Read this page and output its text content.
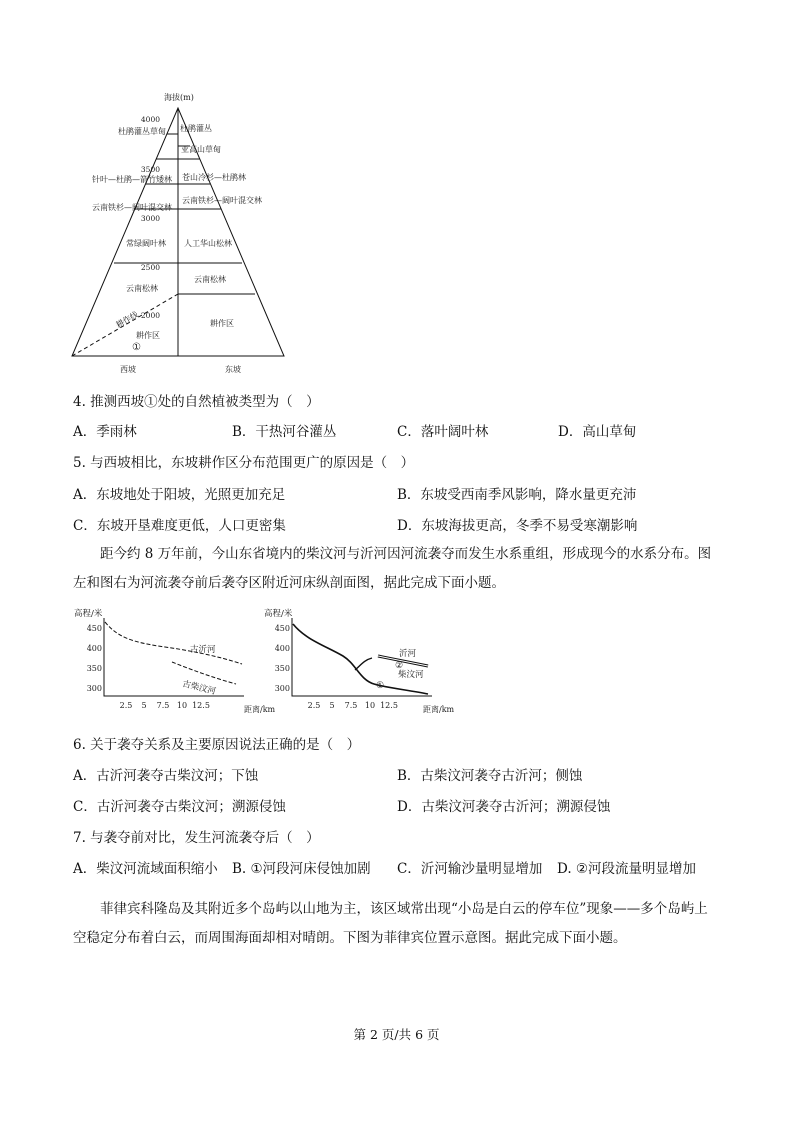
海拔(m)
4000
3500
3000
2500
2000
杜鹃灌丛草甸
针叶—杜鹃—箭竹矮林
云南铁杉—阔叶混交林
常绿阔叶林
云南松林
耕作区
耕作线
①
杜鹃灌丛
亚高山草甸
苍山冷杉—杜鹃林
云南铁杉—阔叶混交林
人工华山松林
云南松林
耕作区
西坡	东坡
4. 推测西坡①处的自然植被类型为（　）
A．季雨林	B．干热河谷灌丛	C．落叶阔叶林	D．高山草甸
5. 与西坡相比，东坡耕作区分布范围更广的原因是（　）
A．东坡地处于阳坡，光照更加充足	B．东坡受西南季风影响，降水量更充沛
C．东坡开垦难度更低，人口更密集	D．东坡海拔更高，冬季不易受寒潮影响
距今约 8 万年前，今山东省境内的柴汶河与沂河因河流袭夺而发生水系重组，形成现今的水系分布。图左和图右为河流袭夺前后袭夺区附近河床纵剖面图，据此完成下面小题。
450
400
350
300
2.5 5 7.5 10 12.5
450
400
350
300
2.5 5 7.5 10 12.5
高程/米	高程/米
距离/km	距离/km
古沂河
古柴汶河
沂河
柴汶河
①
②
6. 关于袭夺关系及主要原因说法正确的是（　）
A．古沂河袭夺古柴汶河；下蚀	B．古柴汶河袭夺古沂河；侧蚀
C．古沂河袭夺古柴汶河；溯源侵蚀	D．古柴汶河袭夺古沂河；溯源侵蚀
7. 与袭夺前对比，发生河流袭夺后（　）
A．柴汶河流域面积缩小 B. ①河段河床侵蚀加剧 C．沂河输沙量明显增加 D. ②河段流量明显增加
菲律宾科隆岛及其附近多个岛屿以山地为主，该区域常出现“小岛是白云的停车位”现象——多个岛屿上空稳定分布着白云，而周围海面却相对晴朗。下图为菲律宾位置示意图。据此完成下面小题。
第 2 页/共 6 页
